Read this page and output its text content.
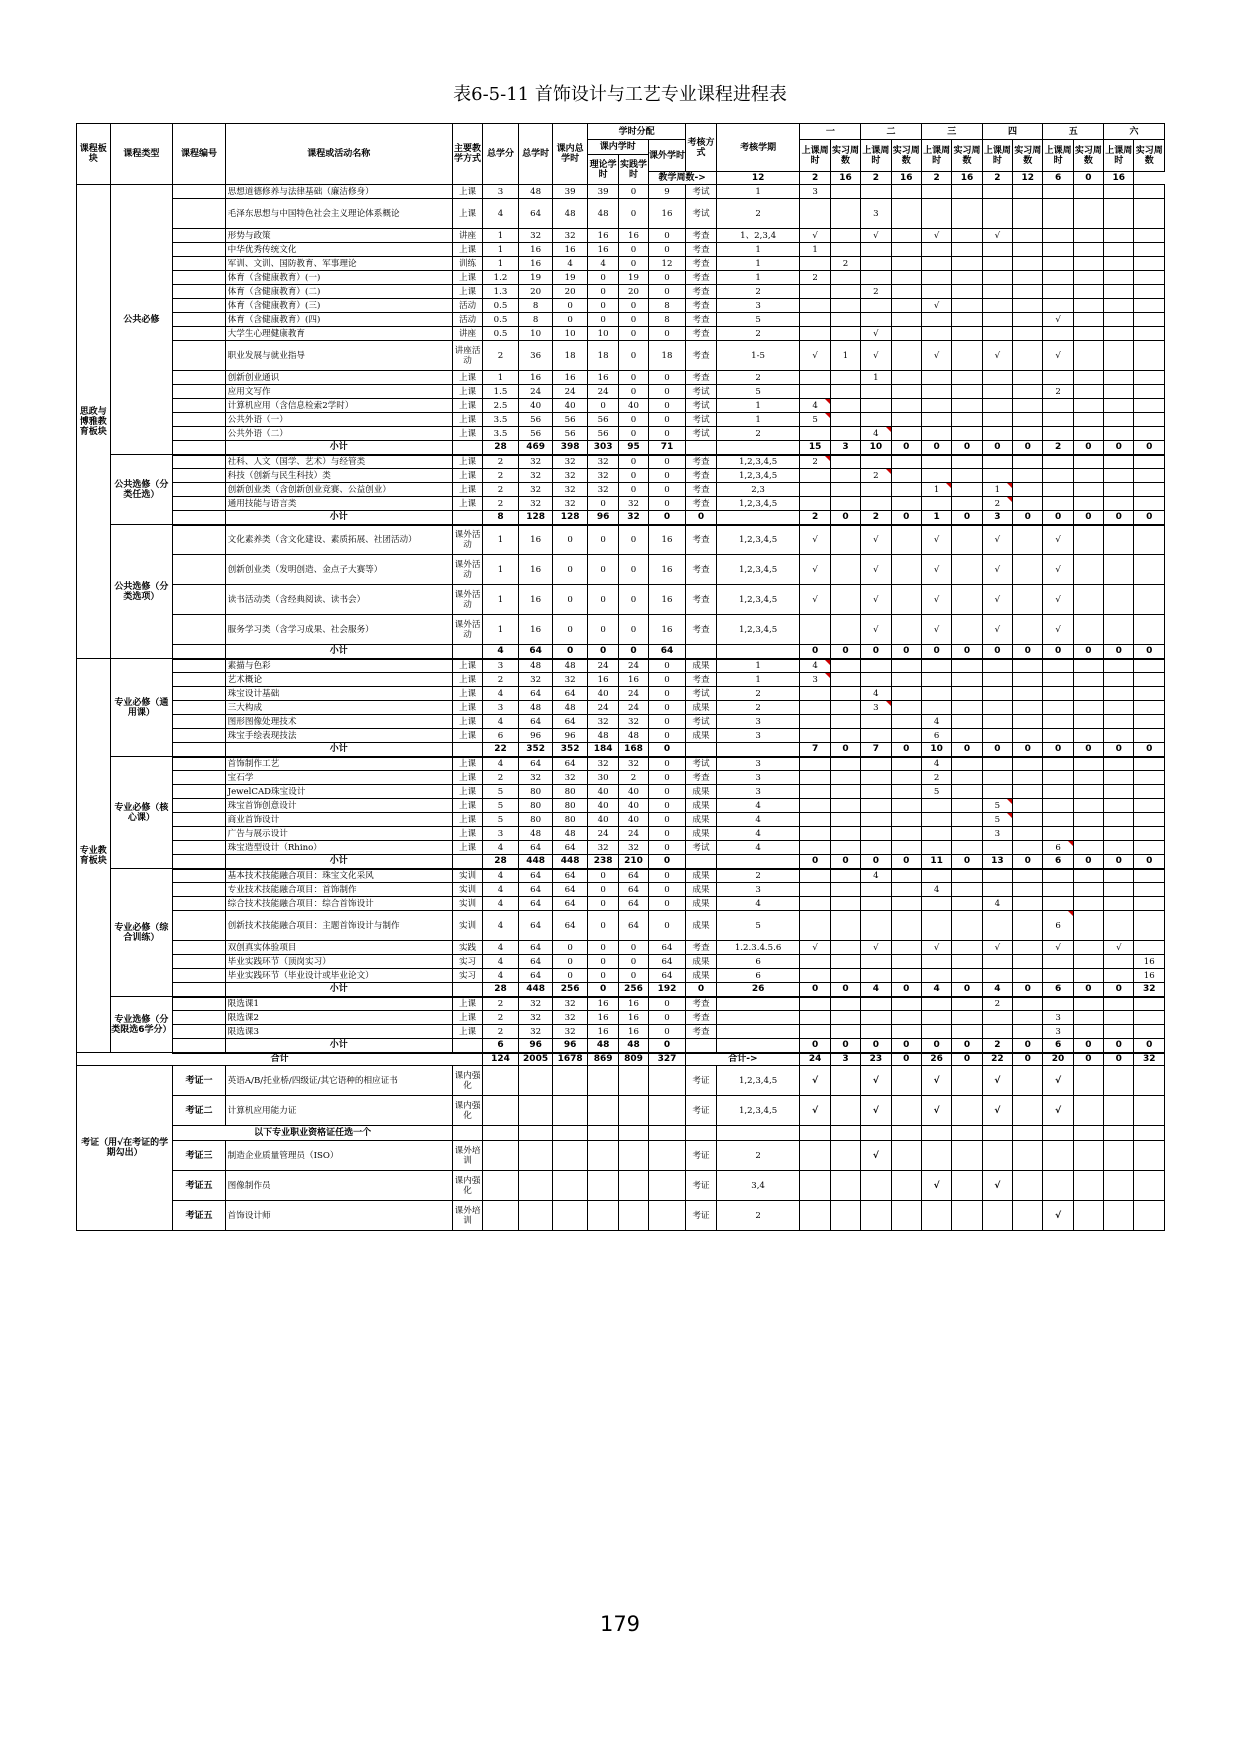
表6-5-11 首饰设计与工艺专业课程进程表
课程板块	课程类型	课程编号	课程或活动名称	主要教学方式	总学分	总学时	课内总学时	学时分配			考核方式	考核学期	一		二		三		四		五		六	
								课内学时		课外学时			上课周时	实习周数	上课周时	实习周数	上课周时	实习周数	上课周时	实习周数	上课周时	实习周数	上课周时	实习周数
								理论学时	实践学时															
										教学周数->		12	2	16	2	16	2	16	2	12	6	0	16	
思政与博雅教育板块	公共必修		思想道德修养与法律基础（廉洁修身）	上课	3	48	39	39	0	9	考试	1	3											
			毛泽东思想与中国特色社会主义理论体系概论	上课	4	64	48	48	0	16	考试	2			3									
			形势与政策	讲座	1	32	32	16	16	0	考查	1、2,3,4	√		√		√		√					
			中华优秀传统文化	上课	1	16	16	16	0	0	考查	1	1											
			军训、文训、国防教育、军事理论	训练	1	16	4	4	0	12	考查	1		2										
			体育（含健康教育）(一)	上课	1.2	19	19	0	19	0	考查	1	2											
			体育（含健康教育）(二)	上课	1.3	20	20	0	20	0	考查	2			2									
			体育（含健康教育）(三)	活动	0.5	8	0	0	0	8	考查	3					√							
			体育（含健康教育）(四)	活动	0.5	8	0	0	0	8	考查	5									√			
			大学生心理健康教育	讲座	0.5	10	10	10	0	0	考查	2			√									
			职业发展与就业指导	讲座活动	2	36	18	18	0	18	考查	1-5	√	1	√		√		√		√			
			创新创业通识	上课	1	16	16	16	0	0	考查	2			1									
			应用文写作	上课	1.5	24	24	24	0	0	考试	5									2			
			计算机应用（含信息检索2学时）	上课	2.5	40	40	0	40	0	考试	1	4											
			公共外语（一）	上课	3.5	56	56	56	0	0	考试	1	5											
			公共外语（二）	上课	3.5	56	56	56	0	0	考试	2			4									
			小计		28	469	398	303	95	71			15	3	10	0	0	0	0	0	2	0	0	0
	公共选修（分类任选）		社科、人文（国学、艺术）与经管类	上课	2	32	32	32	0	0	考查	1,2,3,4,5	2											
			科技（创新与民生科技）类	上课	2	32	32	32	0	0	考查	1,2,3,4,5			2									
			创新创业类（含创新创业竞赛、公益创业）	上课	2	32	32	32	0	0	考查	2,3					1		1					
			通用技能与语言类	上课	2	32	32	0	32	0	考查	1,2,3,4,5							2					
			小计		8	128	128	96	32	0	0		2	0	2	0	1	0	3	0	0	0	0	0
	公共选修（分类选项）		文化素养类（含文化建设、素质拓展、社团活动）	课外活动	1	16	0	0	0	16	考查	1,2,3,4,5	√		√		√		√		√			
			创新创业类（发明创造、金点子大赛等）	课外活动	1	16	0	0	0	16	考查	1,2,3,4,5	√		√		√		√		√			
			读书活动类（含经典阅读、读书会）	课外活动	1	16	0	0	0	16	考查	1,2,3,4,5	√		√		√		√		√			
			服务学习类（含学习成果、社会服务）	课外活动	1	16	0	0	0	16	考查	1,2,3,4,5			√		√		√		√			
			小计		4	64	0	0	0	64			0	0	0	0	0	0	0	0	0	0	0	0
专业教育板块	专业必修（通用课）		素描与色彩	上课	3	48	48	24	24	0	成果	1	4											
			艺术概论	上课	2	32	32	16	16	0	考查	1	3											
			珠宝设计基础	上课	4	64	64	40	24	0	考试	2			4									
			三大构成	上课	3	48	48	24	24	0	成果	2			3									
			图形图像处理技术	上课	4	64	64	32	32	0	考试	3					4							
			珠宝手绘表现技法	上课	6	96	96	48	48	0	成果	3					6							
			小计		22	352	352	184	168	0			7	0	7	0	10	0	0	0	0	0	0	0
	专业必修（核心课）		首饰制作工艺	上课	4	64	64	32	32	0	考试	3					4							
			宝石学	上课	2	32	32	30	2	0	考查	3					2							
			JewelCAD珠宝设计	上课	5	80	80	40	40	0	成果	3					5							
			珠宝首饰创意设计	上课	5	80	80	40	40	0	成果	4							5					
			商业首饰设计	上课	5	80	80	40	40	0	成果	4							5					
			广告与展示设计	上课	3	48	48	24	24	0	成果	4							3					
			珠宝造型设计（Rhino）	上课	4	64	64	32	32	0	考试	4									6			
			小计		28	448	448	238	210	0			0	0	0	0	11	0	13	0	6	0	0	0
	专业必修（综合训练）		基本技术技能融合项目：珠宝文化采风	实训	4	64	64	0	64	0	成果	2			4									
			专业技术技能融合项目：首饰制作	实训	4	64	64	0	64	0	成果	3					4							
			综合技术技能融合项目：综合首饰设计	实训	4	64	64	0	64	0	成果	4							4					
			创新技术技能融合项目：主题首饰设计与制作	实训	4	64	64	0	64	0	成果	5									6			
			双创真实体验项目	实践	4	64	0	0	0	64	考查	1.2.3.4.5.6	√		√		√		√		√		√	
			毕业实践环节（顶岗实习）	实习	4	64	0	0	0	64	成果	6												16
			毕业实践环节（毕业设计或毕业论文）	实习	4	64	0	0	0	64	成果	6												16
			小计		28	448	256	0	256	192	0	26	0	0	4	0	4	0	4	0	6	0	0	32
	专业选修（分类限选6学分）		限选课1	上课	2	32	32	16	16	0	考查								2					
			限选课2	上课	2	32	32	16	16	0	考查										3			
			限选课3	上课	2	32	32	16	16	0	考查										3			
			小计		6	96	96	48	48	0			0	0	0	0	0	0	2	0	6	0	0	0
合计					124	2005	1678	869	809	327	合计->		24	3	23	0	26	0	22	0	20	0	0	32
考证（用√在考证的学期勾出）		考证一	英语A/B/托业桥/四级证/其它语种的相应证书	课内强化							考证	1,2,3,4,5	√		√		√		√		√			
		考证二	计算机应用能力证	课内强化							考证	1,2,3,4,5	√		√		√		√		√			
		以下专业职业资格证任选一个																						
		考证三	制造企业质量管理员（ISO）	课外培训							考证	2			√									
		考证五	图像制作员	课内强化							考证	3,4					√		√					
		考证五	首饰设计师	课外培训							考证	2									√			
179
